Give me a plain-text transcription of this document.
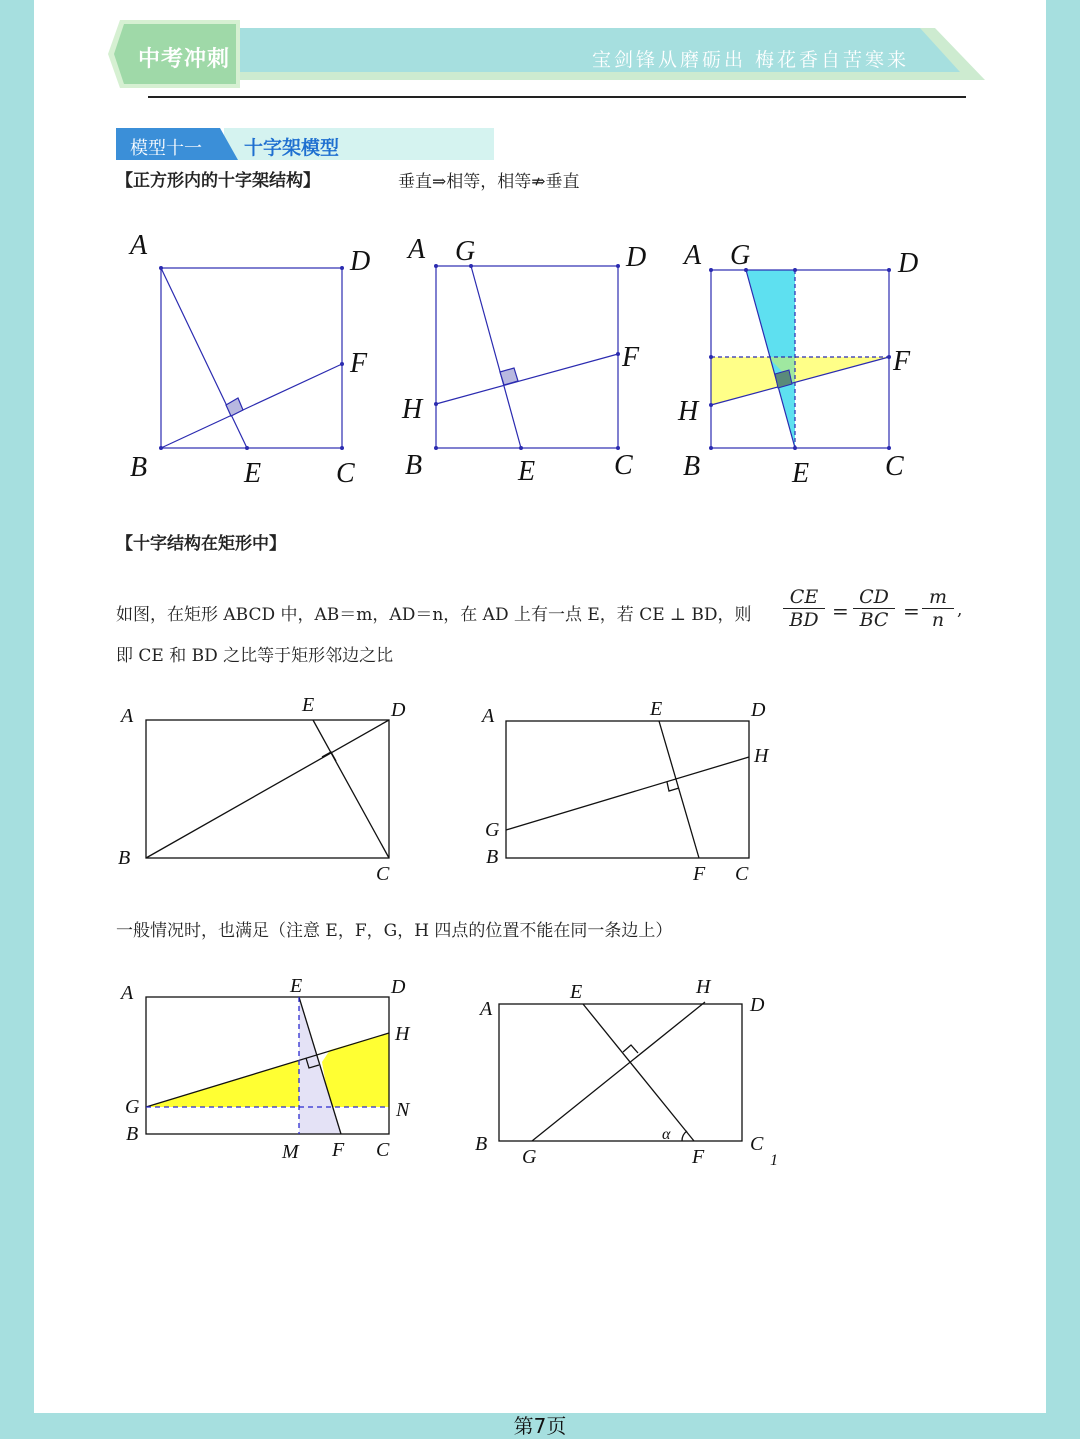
中考冲刺	宝剑锋从磨砺出 梅花香自苦寒来
模型十一 十字架模型
【正方形内的十字架结构】	垂直⇒相等，相等⇏垂直
A
D
F
B	E	C
A G	D
F
H
B	E	C
A G	D
F
H
B	E	C
A	E	D
B
C
A	E	D
H
G
B
F C
A	E	D
H
G	N
B
M F C
E	H
A	D
B
G
α
F
C
1
【十字结构在矩形中】
如图，在矩形 ABCD 中，AB＝m，AD＝n，在 AD 上有一点 E，若 CE ⊥ BD，则 $\frac{CE}{BD} = \frac{CD}{BC} = \frac{m}{n}$ ,
即 CE 和 BD 之比等于矩形邻边之比
一般情况时，也满足（注意 E，F，G，H 四点的位置不能在同一条边上）
第7页
